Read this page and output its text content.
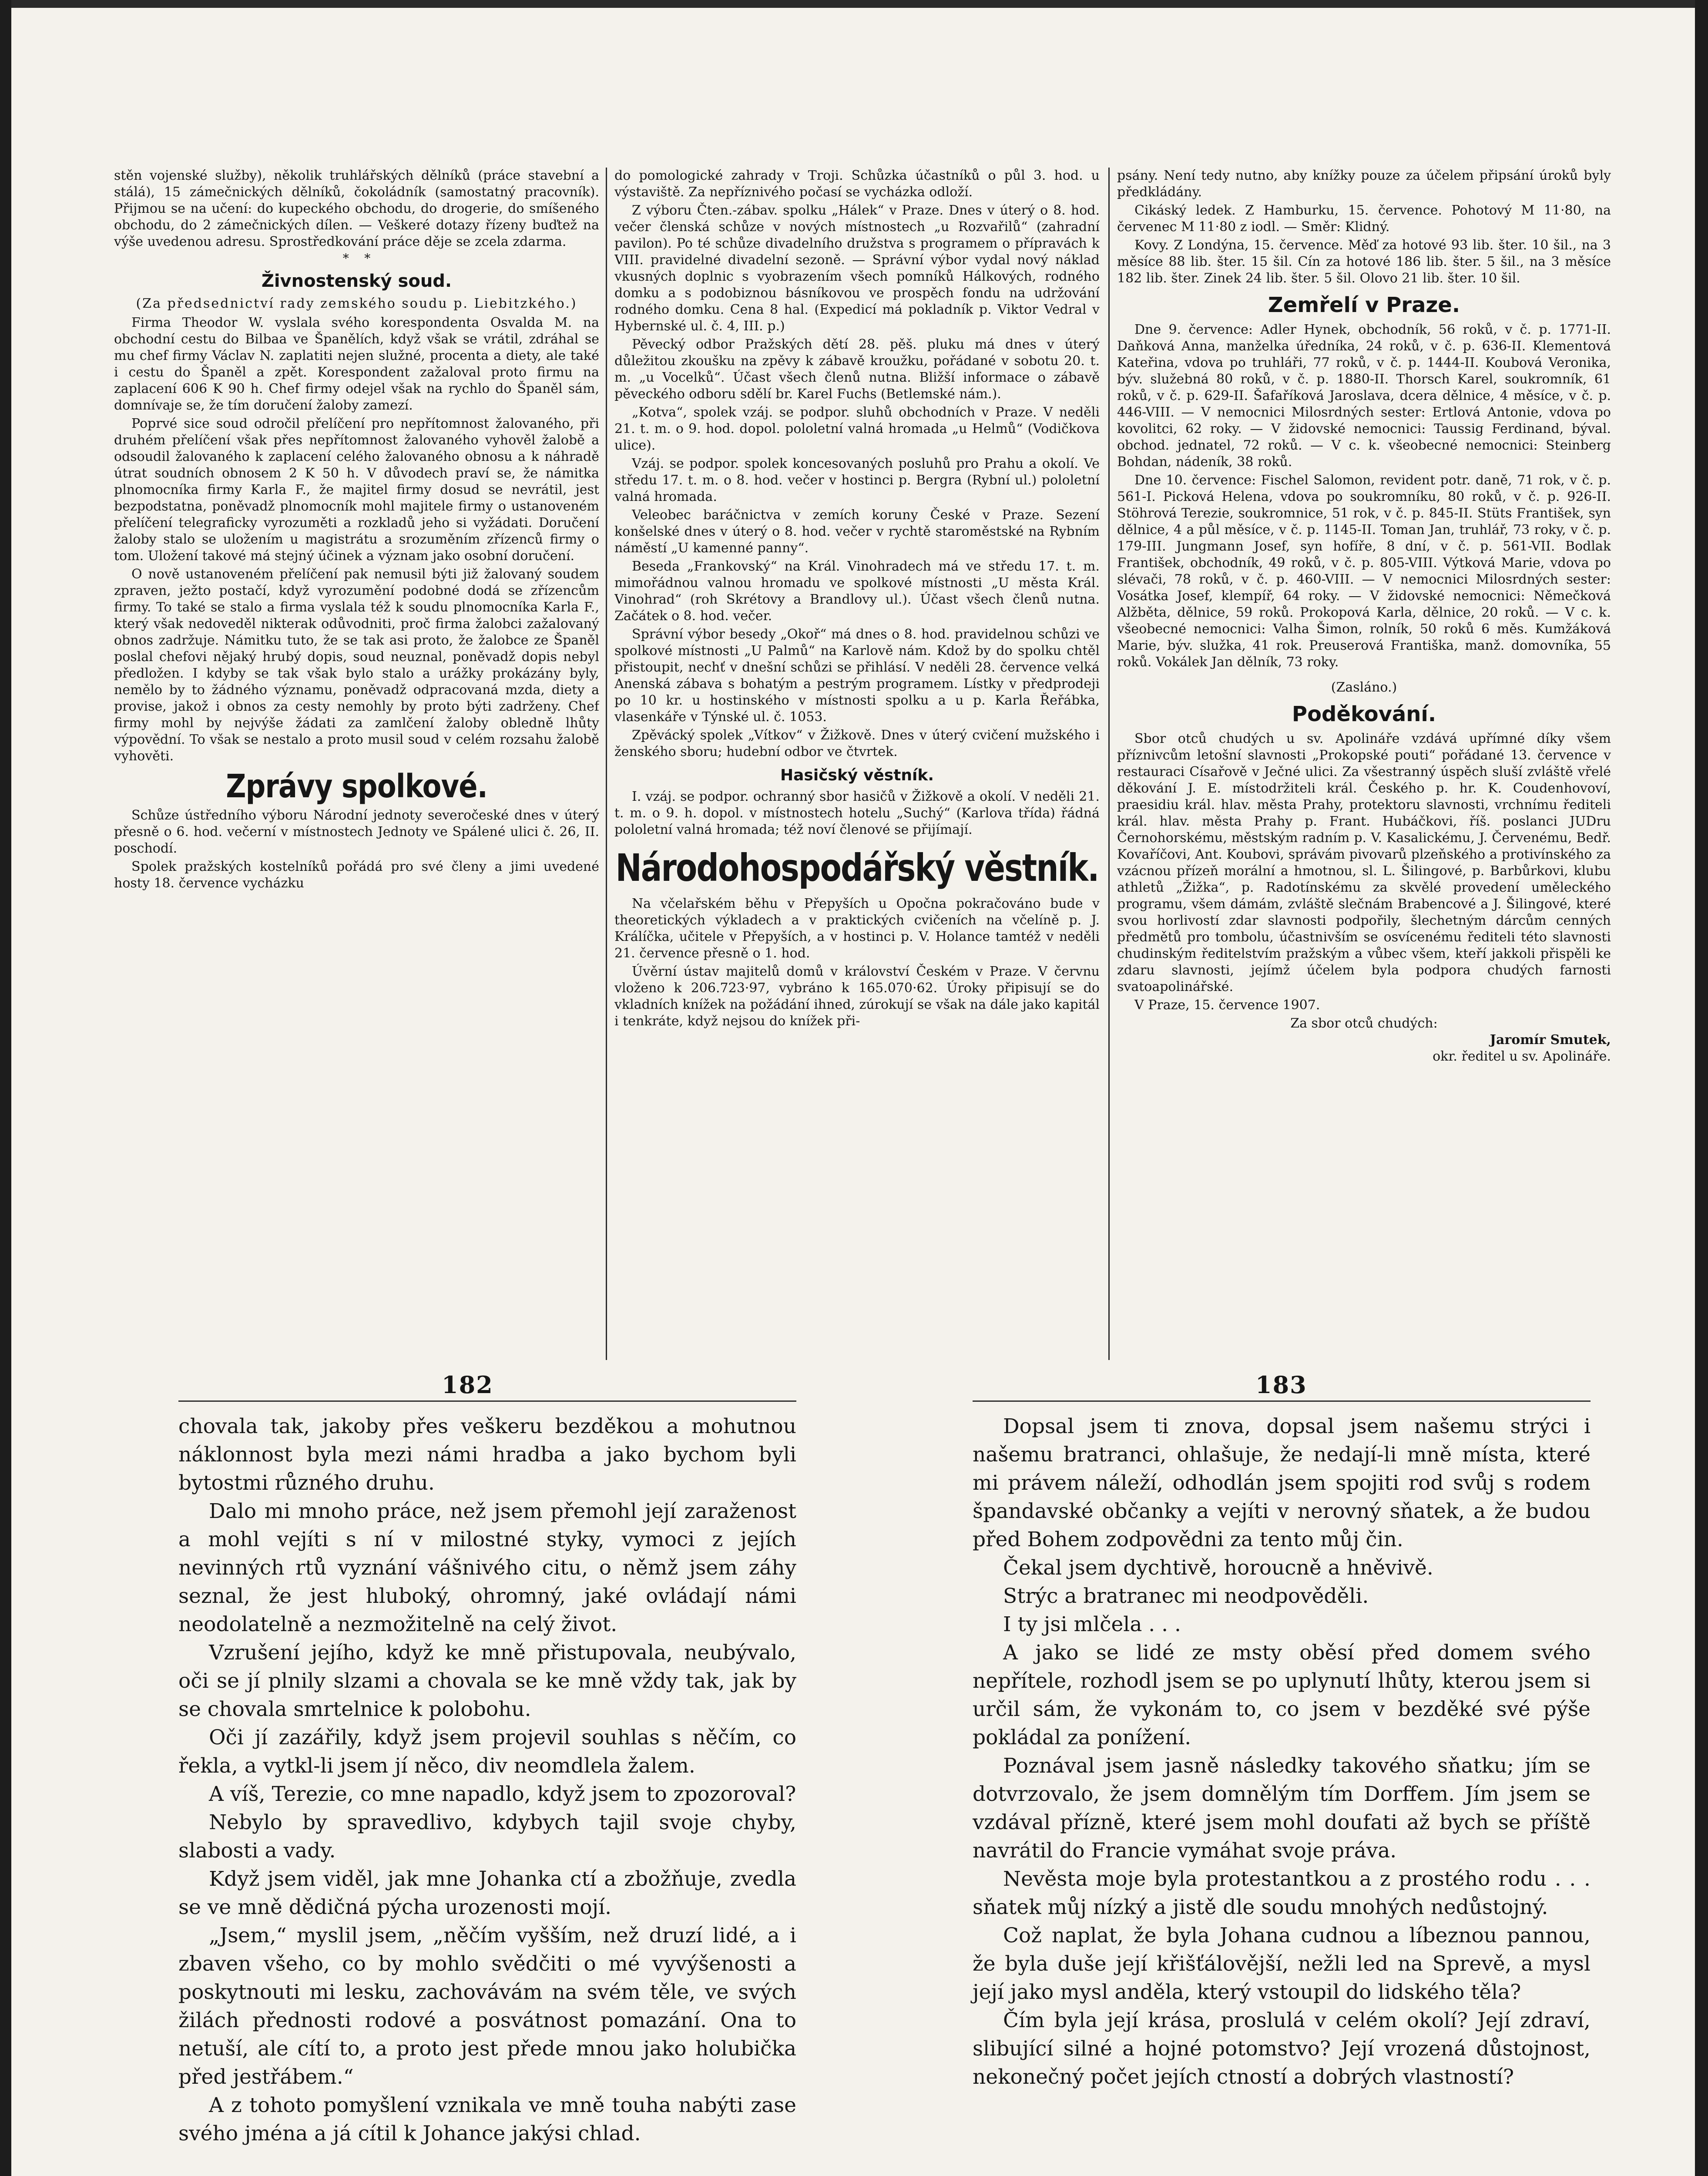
stěn vojenské služby), několik truhlářských dělníků (práce stavební a stálá), 15 zámečnických dělníků, čokoládník (samostatný pracovník). Přijmou se na učení: do kupeckého obchodu, do drogerie, do smíšeného obchodu, do 2 zámečnických dílen. — Veškeré dotazy řízeny buďtež na výše uvedenou adresu. Sprostředkování práce děje se zcela zdarma.

*    *
Živnostenský soud.
(Za předsednictví rady zemského soudu p. Liebitzkého.)

Firma Theodor W. vyslala svého korespondenta Osvalda M. na obchodní cestu do Bilbaa ve Španělích, když však se vrátil, zdráhal se mu chef firmy Václav N. zaplatiti nejen služné, procenta a diety, ale také i cestu do Španěl a zpět. Korespondent zažaloval proto firmu na zaplacení 606 K 90 h. Chef firmy odejel však na rychlo do Španěl sám, domnívaje se, že tím doručení žaloby zamezí.

Poprvé sice soud odročil přelíčení pro nepřítomnost žalovaného, při druhém přelíčení však přes nepřítomnost žalovaného vyhověl žalobě a odsoudil žalovaného k zaplacení celého žalovaného obnosu a k náhradě útrat soudních obnosem 2 K 50 h. V důvodech praví se, že námitka plnomocníka firmy Karla F., že majitel firmy dosud se nevrátil, jest bezpodstatna, poněvadž plnomocník mohl majitele firmy o ustanoveném přelíčení telegraficky vyrozuměti a rozkladů jeho si vyžádati. Doručení žaloby stalo se uložením u magistrátu a srozuměním zřízenců firmy o tom. Uložení takové má stejný účinek a význam jako osobní doručení.

O nově ustanoveném přelíčení pak nemusil býti již žalovaný soudem zpraven, ježto postačí, když vyrozumění podobné dodá se zřízencům firmy. To také se stalo a firma vyslala též k soudu plnomocníka Karla F., který však nedoveděl nikterak odůvodniti, proč firma žalobci zažalovaný obnos zadržuje. Námitku tuto, že se tak asi proto, že žalobce ze Španěl poslal chefovi nějaký hrubý dopis, soud neuznal, poněvadž dopis nebyl předložen. I kdyby se tak však bylo stalo a urážky prokázány byly, nemělo by to žádného významu, poněvadž odpracovaná mzda, diety a provise, jakož i obnos za cesty nemohly by proto býti zadrženy. Chef firmy mohl by nejvýše žádati za zamlčení žaloby obledně lhůty výpovědní. To však se nestalo a proto musil soud v celém rozsahu žalobě vyhověti.

Zprávy spolkové.

Schůze ústředního výboru Národní jednoty severočeské dnes v úterý přesně o 6. hod. večerní v místnostech Jednoty ve Spálené ulici č. 26, II. poschodí.

Spolek pražských kostelníků pořádá pro své členy a jimi uvedené hosty 18. července vycházku

do pomologické zahrady v Troji. Schůzka účastníků o půl 3. hod. u výstaviště. Za nepříznivého počasí se vycházka odloží.

Z výboru Čten.-zábav. spolku „Hálek“ v Praze. Dnes v úterý o 8. hod. večer členská schůze v nových místnostech „u Rozvařilů“ (zahradní pavilon). Po té schůze divadelního družstva s programem o přípravách k VIII. pravidelné divadelní sezoně. — Správní výbor vydal nový náklad vkusných doplnic s vyobrazením všech pomníků Hálkových, rodného domku a s podobiznou básníkovou ve prospěch fondu na udržování rodného domku. Cena 8 hal. (Expedicí má pokladník p. Viktor Vedral v Hybernské ul. č. 4, III. p.)

Pěvecký odbor Pražských dětí 28. pěš. pluku má dnes v úterý důležitou zkoušku na zpěvy k zábavě kroužku, pořádané v sobotu 20. t. m. „u Vocelků“. Účast všech členů nutna. Bližší informace o zábavě pěveckého odboru sdělí br. Karel Fuchs (Betlemské nám.).

„Kotva“, spolek vzáj. se podpor. sluhů obchodních v Praze. V neděli 21. t. m. o 9. hod. dopol. pololetní valná hromada „u Helmů“ (Vodičkova ulice).

Vzáj. se podpor. spolek koncesovaných posluhů pro Prahu a okolí. Ve středu 17. t. m. o 8. hod. večer v hostinci p. Bergra (Rybní ul.) pololetní valná hromada.

Veleobec baráčnictva v zemích koruny České v Praze. Sezení konšelské dnes v úterý o 8. hod. večer v rychtě staroměstské na Rybním náměstí „U kamenné panny“.

Beseda „Frankovský“ na Král. Vinohradech má ve středu 17. t. m. mimořádnou valnou hromadu ve spolkové místnosti „U města Král. Vinohrad“ (roh Skrétovy a Brandlovy ul.). Účast všech členů nutna. Začátek o 8. hod. večer.

Správní výbor besedy „Okoř“ má dnes o 8. hod. pravidelnou schůzi ve spolkové místnosti „U Palmů“ na Karlově nám. Kdož by do spolku chtěl přistoupit, nechť v dnešní schůzi se přihlásí. V neděli 28. července velká Anenská zábava s bohatým a pestrým programem. Lístky v předprodeji po 10 kr. u hostinského v místnosti spolku a u p. Karla Řeřábka, vlasenkáře v Týnské ul. č. 1053.

Zpěvácký spolek „Vítkov“ v Žižkově. Dnes v úterý cvičení mužského i ženského sboru; hudební odbor ve čtvrtek.

Hasičský věstník.

I. vzáj. se podpor. ochranný sbor hasičů v Žižkově a okolí. V neděli 21. t. m. o 9. h. dopol. v místnostech hotelu „Suchý“ (Karlova třída) řádná pololetní valná hromada; též noví členové se přijímají.

Národohospodářský věstník.

Na včelařském běhu v Přepyších u Opočna pokračováno bude v theoretických výkladech a v praktických cvičeních na včelíně p. J. Králíčka, učitele v Přepyších, a v hostinci p. V. Holance tamtéž v neděli 21. července přesně o 1. hod.

Úvěrní ústav majitelů domů v království Českém v Praze. V červnu vloženo k 206.723·97, vybráno k 165.070·62. Úroky připisují se do vkladních knížek na požádání ihned, zúrokují se však na dále jako kapitál i tenkráte, když nejsou do knížek při-

psány. Není tedy nutno, aby knížky pouze za účelem připsání úroků byly předkládány.

Cikáský ledek. Z Hamburku, 15. července. Pohotový M 11·80, na červenec M 11·80 z iodl. — Směr: Klidný.

Kovy. Z Londýna, 15. července. Měď za hotové 93 lib. šter. 10 šil., na 3 měsíce 88 lib. šter. 15 šil. Cín za hotové 186 lib. šter. 5 šil., na 3 měsíce 182 lib. šter. Zinek 24 lib. šter. 5 šil. Olovo 21 lib. šter. 10 šil.

Zemřelí v Praze.

Dne 9. července: Adler Hynek, obchodník, 56 roků, v č. p. 1771-II. Daňková Anna, manželka úředníka, 24 roků, v č. p. 636-II. Klementová Kateřina, vdova po truhláři, 77 roků, v č. p. 1444-II. Koubová Veronika, býv. služebná 80 roků, v č. p. 1880-II. Thorsch Karel, soukromník, 61 roků, v č. p. 629-II. Šafaříková Jaroslava, dcera dělnice, 4 měsíce, v č. p. 446-VIII. — V nemocnici Milosrdných sester: Ertlová Antonie, vdova po kovolitci, 62 roky. — V židovské nemocnici: Taussig Ferdinand, býval. obchod. jednatel, 72 roků. — V c. k. všeobecné nemocnici: Steinberg Bohdan, nádeník, 38 roků.

Dne 10. července: Fischel Salomon, revident potr. daně, 71 rok, v č. p. 561-I. Picková Helena, vdova po soukromníku, 80 roků, v č. p. 926-II. Stöhrová Terezie, soukromnice, 51 rok, v č. p. 845-II. Stüts František, syn dělnice, 4 a půl měsíce, v č. p. 1145-II. Toman Jan, truhlář, 73 roky, v č. p. 179-III. Jungmann Josef, syn hofíře, 8 dní, v č. p. 561-VII. Bodlak František, obchodník, 49 roků, v č. p. 805-VIII. Výtková Marie, vdova po slévači, 78 roků, v č. p. 460-VIII. — V nemocnici Milosrdných sester: Vosátka Josef, klempíř, 64 roky. — V židovské nemocnici: Němečková Alžběta, dělnice, 59 roků. Prokopová Karla, dělnice, 20 roků. — V c. k. všeobecné nemocnici: Valha Šimon, rolník, 50 roků 6 měs. Kumžáková Marie, býv. služka, 41 rok. Preuserová Františka, manž. domovníka, 55 roků. Vokálek Jan dělník, 73 roky.

(Zasláno.)
Poděkování.

Sbor otců chudých u sv. Apolináře vzdává upřímné díky všem příznivcům letošní slavnosti „Prokopské pouti“ pořádané 13. července v restauraci Císařově v Ječné ulici. Za všestranný úspěch sluší zvláště vřelé děkování J. E. místodržiteli král. Českého p. hr. K. Coudenhovoví, praesidiu král. hlav. města Prahy, protektoru slavnosti, vrchnímu řediteli král. hlav. města Prahy p. Frant. Hubáčkovi, říš. poslanci JUDru Černohorskému, městským radním p. V. Kasalickému, J. Červenému, Bedř. Kovaříčovi, Ant. Koubovi, správám pivovarů plzeňského a protivínského za vzácnou přízeň morální a hmotnou, sl. L. Šilingové, p. Barbůrkovi, klubu athletů „Žižka“, p. Radotínskému za skvělé provedení uměleckého programu, všem dámám, zvláště slečnám Brabencové a J. Šilingové, které svou horlivostí zdar slavnosti podpořily, šlechetným dárcům cenných předmětů pro tombolu, účastnivším se osvícenému řediteli této slavnosti chudinským ředitelstvím pražským a vůbec všem, kteří jakkoli přispěli ke zdaru slavnosti, jejímž účelem byla podpora chudých farnosti svatoapolinářské.

V Praze, 15. července 1907.

Za sbor otců chudých:
Jaromír Smutek,
okr. ředitel u sv. Apolináře.
182	183

chovala tak, jakoby přes veškeru bezděkou a mohutnou náklonnost byla mezi námi hradba a jako bychom byli bytostmi různého druhu.

Dalo mi mnoho práce, než jsem přemohl její zaraženost a mohl vejíti s ní v milostné styky, vymoci z jejích nevinných rtů vyznání vášnivého citu, o němž jsem záhy seznal, že jest hluboký, ohromný, jaké ovládají námi neodolatelně a nezmožitelně na celý život.

Vzrušení jejího, když ke mně přistupovala, neubývalo, oči se jí plnily slzami a chovala se ke mně vždy tak, jak by se chovala smrtelnice k polobohu.

Oči jí zazářily, když jsem projevil souhlas s něčím, co řekla, a vytkl-li jsem jí něco, div neomdlela žalem.

A víš, Terezie, co mne napadlo, když jsem to zpozoroval?

Nebylo by spravedlivo, kdybych tajil svoje chyby, slabosti a vady.

Když jsem viděl, jak mne Johanka ctí a zbožňuje, zvedla se ve mně dědičná pýcha urozenosti mojí.

„Jsem,“ myslil jsem, „něčím vyšším, než druzí lidé, a i zbaven všeho, co by mohlo svědčiti o mé vyvýšenosti a poskytnouti mi lesku, zachovávám na svém těle, ve svých žilách přednosti rodové a posvátnost pomazání. Ona to netuší, ale cítí to, a proto jest přede mnou jako holubička před jestřábem.“

A z tohoto pomyšlení vznikala ve mně touha nabýti zase svého jména a já cítil k Johance jakýsi chlad.

Dopsal jsem ti znova, dopsal jsem našemu strýci i našemu bratranci, ohlašuje, že nedají-li mně místa, které mi právem náleží, odhodlán jsem spojiti rod svůj s rodem špandavské občanky a vejíti v nerovný sňatek, a že budou před Bohem zodpovědni za tento můj čin.

Čekal jsem dychtivě, horoucně a hněvivě.

Strýc a bratranec mi neodpověděli.

I ty jsi mlčela . . .

A jako se lidé ze msty oběsí před domem svého nepřítele, rozhodl jsem se po uplynutí lhůty, kterou jsem si určil sám, že vykonám to, co jsem v bezděké své pýše pokládal za ponížení.

Poznával jsem jasně následky takového sňatku; jím se dotvrzovalo, že jsem domnělým tím Dorffem. Jím jsem se vzdával přízně, které jsem mohl doufati až bych se příště navrátil do Francie vymáhat svoje práva.

Nevěsta moje byla protestantkou a z prostého rodu . . . sňatek můj nízký a jistě dle soudu mnohých nedůstojný.

Což naplat, že byla Johana cudnou a líbeznou pannou, že byla duše její křišťálovější, nežli led na Sprevě, a mysl její jako mysl anděla, který vstoupil do lidského těla?

Čím byla její krása, proslulá v celém okolí? Její zdraví, slibující silné a hojné potomstvo? Její vrozená důstojnost, nekonečný počet jejích ctností a dobrých vlastností?
